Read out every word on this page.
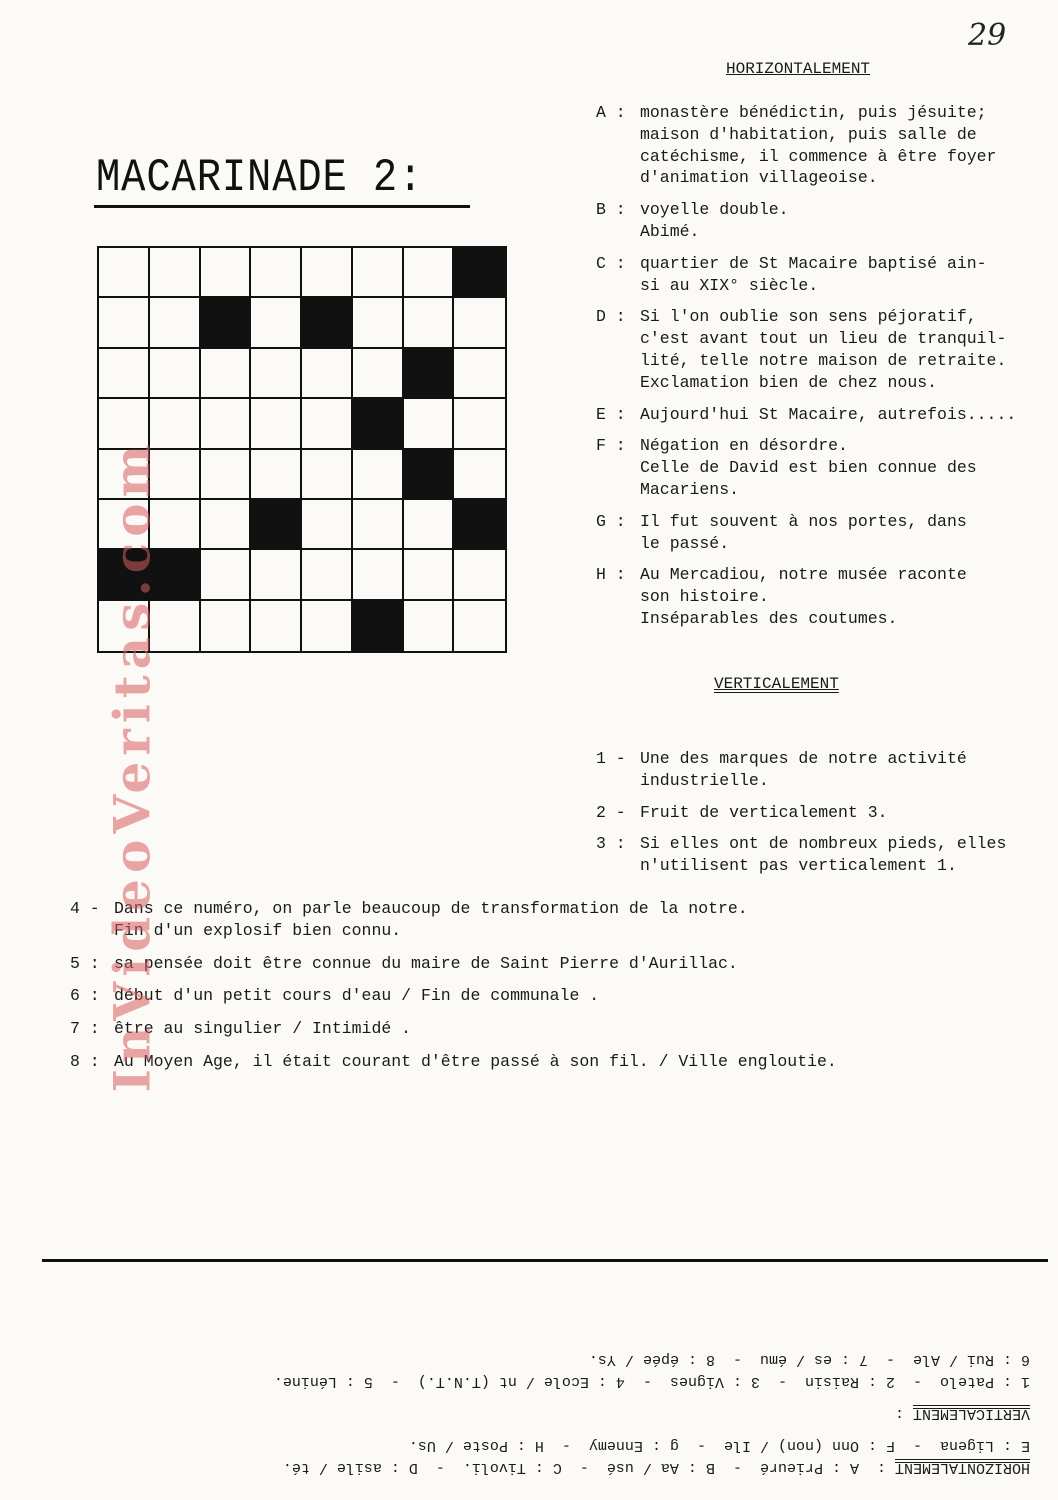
29
MACARINADE 2:
HORIZONTALEMENT
A : monastère bénédictin, puis jésuite;
maison d'habitation, puis salle de
catéchisme, il commence à être foyer
d'animation villageoise.
B : voyelle double.
Abimé.
C : quartier de St Macaire baptisé ain-
si au XIX° siècle.
D : Si l'on oublie son sens péjoratif,
c'est avant tout un lieu de tranquil-
lité, telle notre maison de retraite.
Exclamation bien de chez nous.
E : Aujourd'hui St Macaire, autrefois.....
F : Négation en désordre.
Celle de David est bien connue des
Macariens.
G : Il fut souvent à nos portes, dans
le passé.
H : Au Mercadiou, notre musée raconte
son histoire.
Inséparables des coutumes.
VERTICALEMENT
1 - Une des marques de notre activité
industrielle.
2 - Fruit de verticalement 3.
3 : Si elles ont de nombreux pieds, elles
n'utilisent pas verticalement 1.
4 - Dans ce numéro, on parle beaucoup de transformation de la notre.
Fin d'un explosif bien connu.
5 : sa pensée doit être connue du maire de Saint Pierre d'Aurillac.
6 : début d'un petit cours d'eau / Fin de communale .
7 : être au singulier / Intimidé .
8 : Au Moyen Age, il était courant d'être passé à son fil. / Ville engloutie.
HORIZONTALEMENT :  A : Prieuré  -  B : Aa / usé  -  C : Tivoli.  -  D : asile / té.
E : Ligena  -  F : Onn (non) / Ile  -  g : Ennemy  -  H : Poste / Us.
VERTICALEMENT :
1 : Patelo  -  2 : Raisin  -  3 : Vignes  -  4 : Ecole / nt (T.N.T.)  -  5 : Lénine.
6 : Rui / Ale  -  7 : es / ému  -  8 : épée / Ys.
InVideoVeritas.com
